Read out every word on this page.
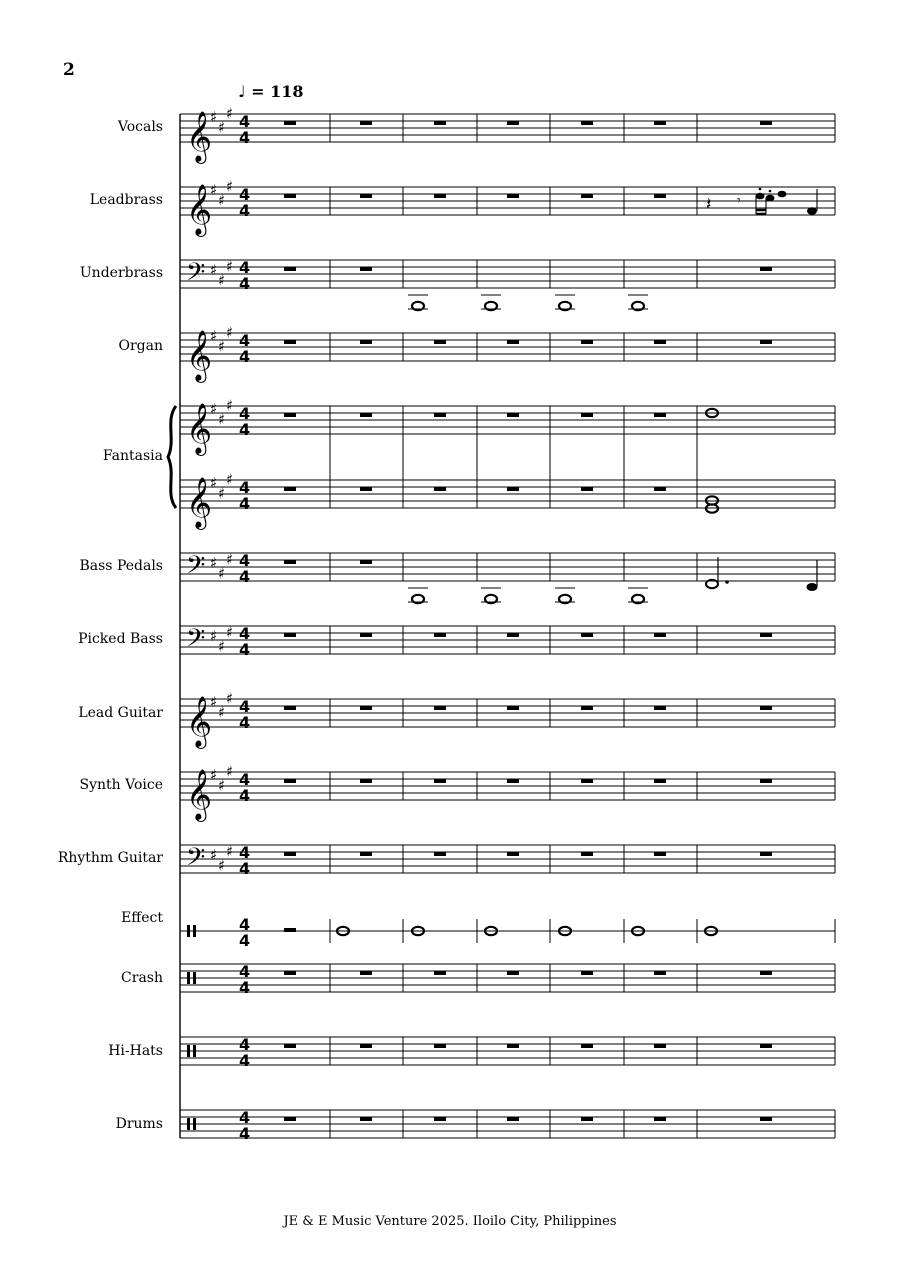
2
♩ = 118
Vocals
Leadbrass
Underbrass
Organ
Fantasia
Bass Pedals
Picked Bass
Lead Guitar
Synth Voice
Rhythm Guitar
Effect
Crash
Hi-Hats
Drums
𝄞
♯
♯
♯ 4
4
𝄞
♯
♯
♯ 4
4
𝄢 ♯
♯
♯ 4
4
𝄞
♯
♯
♯ 4
4
𝄞
♯
♯
♯ 4
4
𝄞
♯
♯
♯ 4
4
𝄢 ♯
♯
♯ 4
4
𝄢 ♯
♯
♯ 4
4
𝄞
♯
♯
♯ 4
4
𝄞
♯
♯
♯ 4
4
𝄢 ♯
♯
♯ 4
4
4
4
4
4
4
4
4
4
𝄽 𝄾
JE & E Music Venture 2025. Iloilo City, Philippines
